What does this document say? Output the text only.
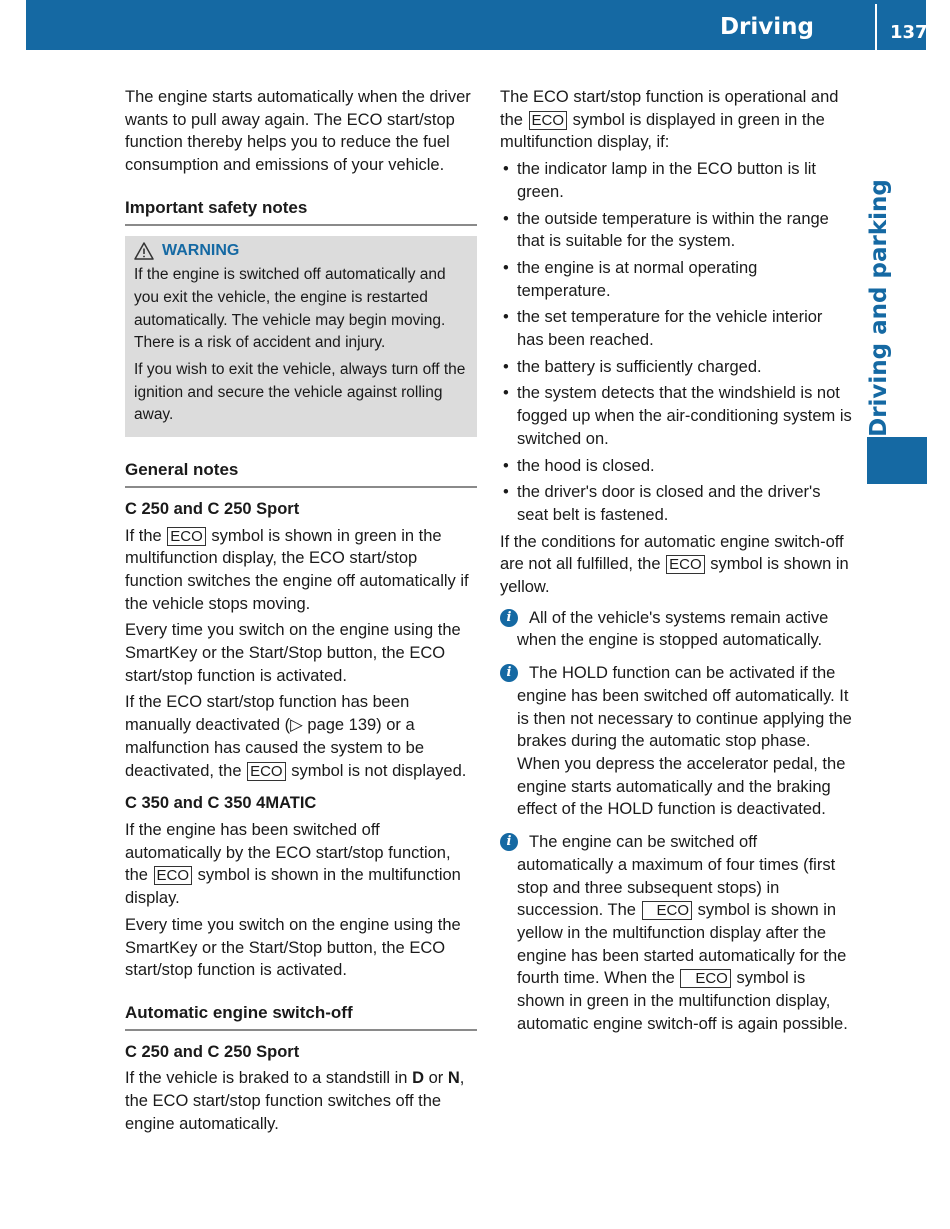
Driving	137
Driving and parking

The engine starts automatically when the driver wants to pull away again. The ECO start/stop function thereby helps you to reduce the fuel consumption and emissions of your vehicle.

Important safety notes
WARNING

If the engine is switched off automatically and you exit the vehicle, the engine is restarted automatically. The vehicle may begin moving. There is a risk of accident and injury.

If you wish to exit the vehicle, always turn off the ignition and secure the vehicle against rolling away.

General notes
C 250 and C 250 Sport

If the ECO symbol is shown in green in the multifunction display, the ECO start/stop function switches the engine off automatically if the vehicle stops moving.

Every time you switch on the engine using the SmartKey or the Start/Stop button, the ECO start/stop function is activated.

If the ECO start/stop function has been manually deactivated (▷ page 139) or a malfunction has caused the system to be deactivated, the ECO symbol is not displayed.

C 350 and C 350 4MATIC

If the engine has been switched off automatically by the ECO start/stop function, the ECO symbol is shown in the multifunction display.

Every time you switch on the engine using the SmartKey or the Start/Stop button, the ECO start/stop function is activated.

Automatic engine switch-off
C 250 and C 250 Sport

If the vehicle is braked to a standstill in D or N, the ECO start/stop function switches off the engine automatically.

The ECO start/stop function is operational and the ECO symbol is displayed in green in the multifunction display, if:

• the indicator lamp in the ECO button is lit green.
• the outside temperature is within the range that is suitable for the system.
• the engine is at normal operating temperature.
• the set temperature for the vehicle interior has been reached.
• the battery is sufficiently charged.
• the system detects that the windshield is not fogged up when the air-conditioning system is switched on.
• the hood is closed.
• the driver's door is closed and the driver's seat belt is fastened.

If the conditions for automatic engine switch-off are not all fulfilled, the ECO symbol is shown in yellow.

i	All of the vehicle's systems remain active when the engine is stopped automatically.
i	The HOLD function can be activated if the engine has been switched off automatically. It is then not necessary to continue applying the brakes during the automatic stop phase. When you depress the accelerator pedal, the engine starts automatically and the braking effect of the HOLD function is deactivated.
i	The engine can be switched off automatically a maximum of four times (first stop and three subsequent stops) in succession. The ECO symbol is shown in yellow in the multifunction display after the engine has been started automatically for the fourth time. When the ECO symbol is shown in green in the multifunction display, automatic engine switch-off is again possible.
